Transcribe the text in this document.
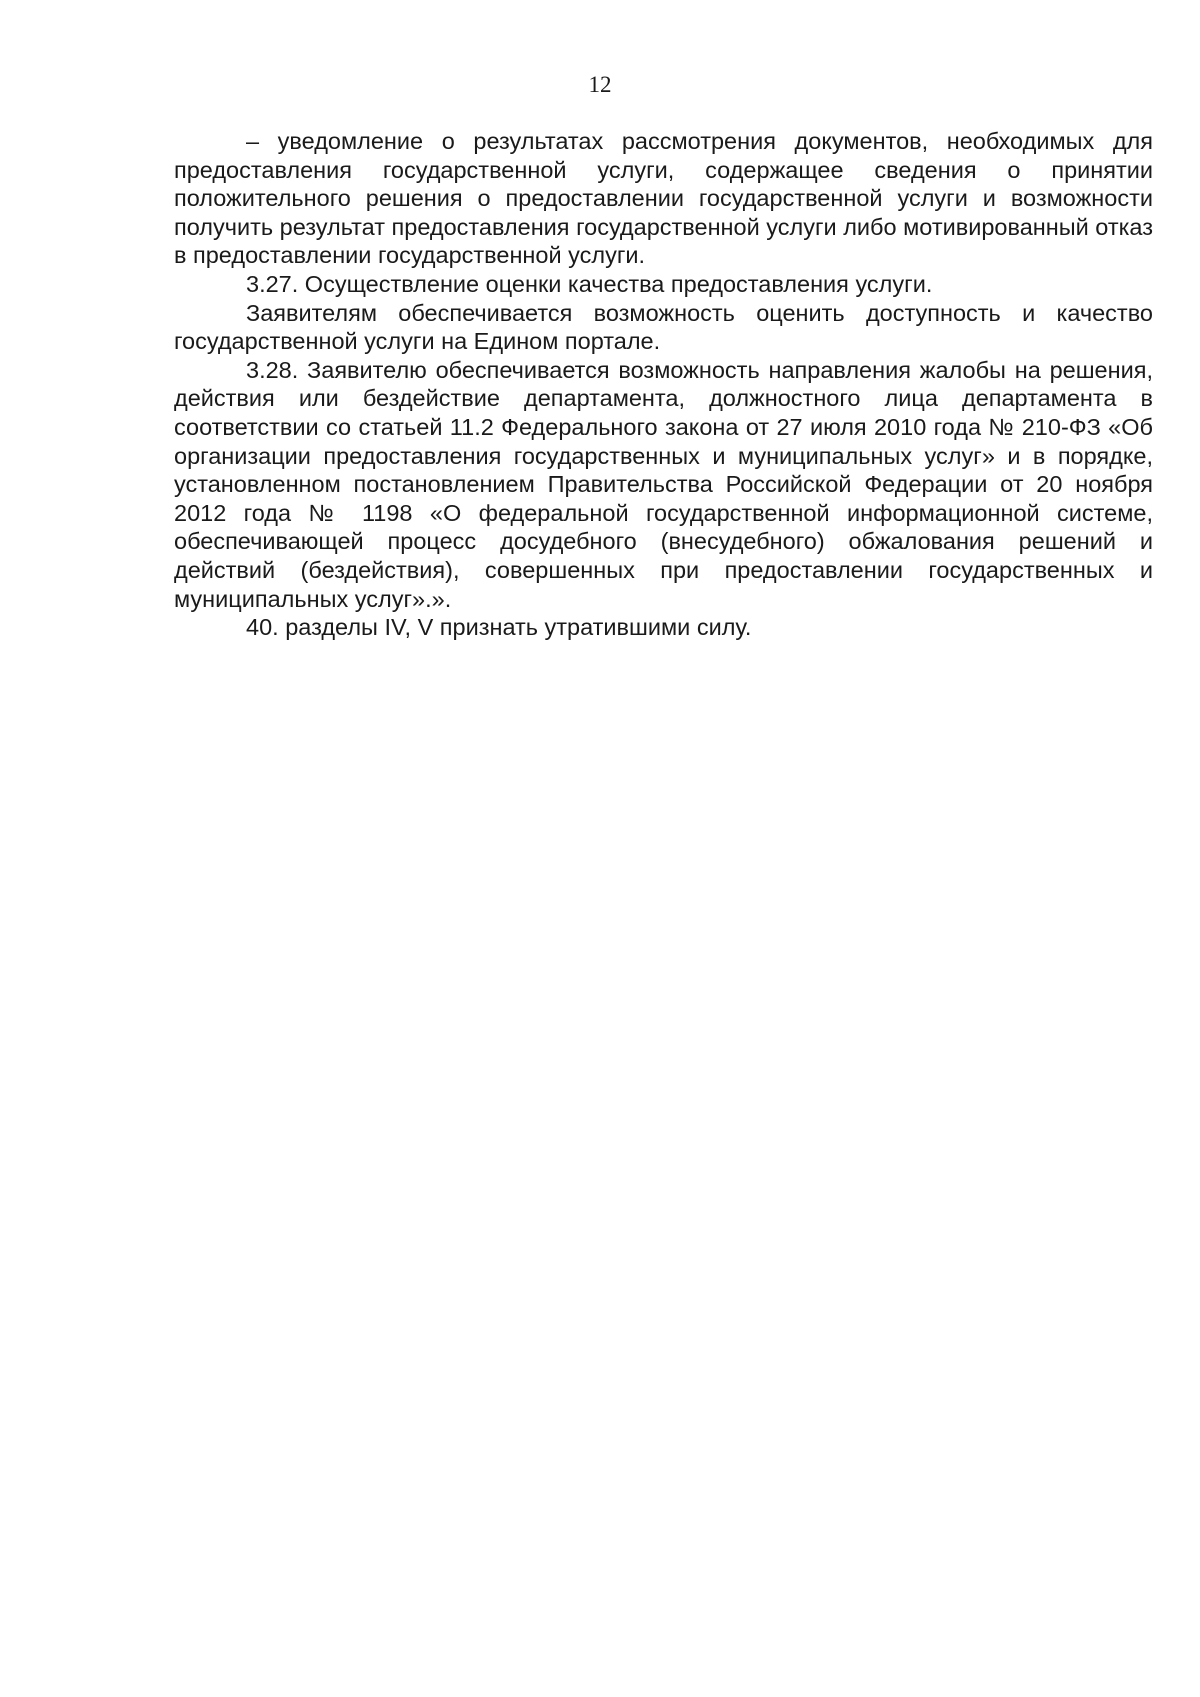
12

– уведомление о результатах рассмотрения документов, необходимых для предоставления государственной услуги, содержащее сведения о принятии положительного решения о предоставлении государственной услуги и возможности получить результат предоставления государственной услуги либо мотивированный отказ в предоставлении государственной услуги.

3.27. Осуществление оценки качества предоставления услуги.

Заявителям обеспечивается возможность оценить доступность и качество государственной услуги на Едином портале.

3.28. Заявителю обеспечивается возможность направления жалобы на решения, действия или бездействие департамента, должностного лица департамента в соответствии со статьей 11.2 Федерального закона от 27 июля 2010 года № 210-ФЗ «Об организации предоставления государственных и муниципальных услуг» и в порядке, установленном постановлением Правительства Российской Федерации от 20 ноября 2012 года № 1198 «О федеральной государственной информационной системе, обеспечивающей процесс досудебного (внесудебного) обжалования решений и действий (бездействия), совершенных при предоставлении государственных и муниципальных услуг».».

40. разделы IV, V признать утратившими силу.
